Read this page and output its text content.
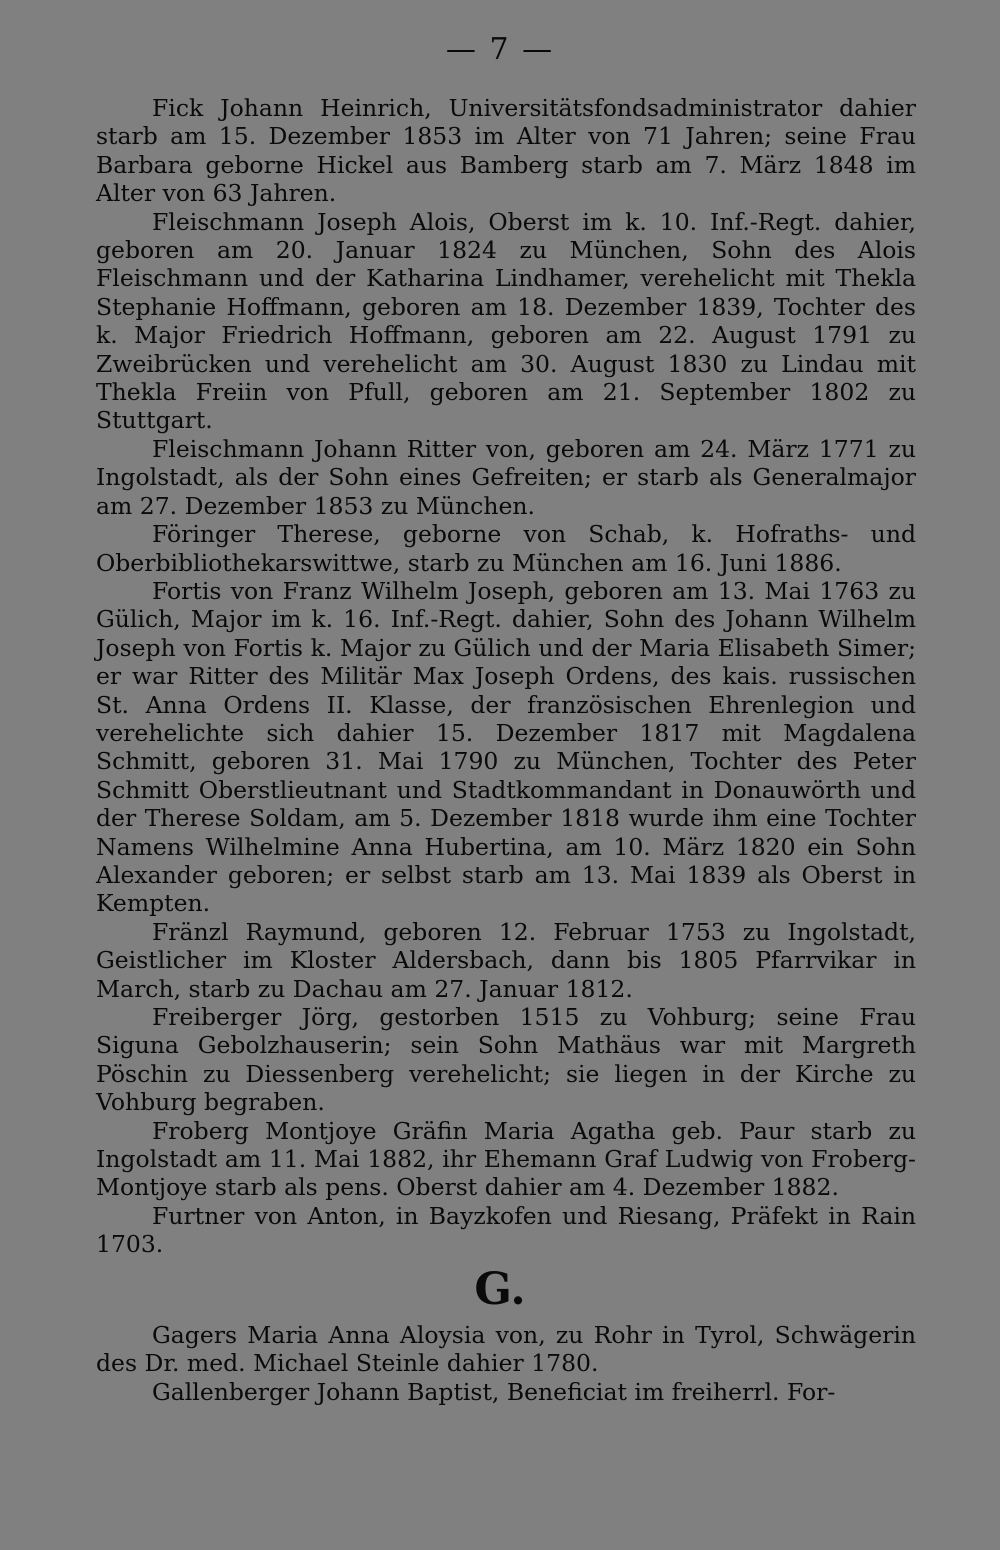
— 7 —

Fick Johann Heinrich, Universitätsfondsadministrator dahier starb am 15. Dezember 1853 im Alter von 71 Jahren; seine Frau Barbara geborne Hickel aus Bamberg starb am 7. März 1848 im Alter von 63 Jahren.

Fleischmann Joseph Alois, Oberst im k. 10. Inf.-Regt. dahier, geboren am 20. Januar 1824 zu München, Sohn des Alois Fleischmann und der Katharina Lindhamer, verehelicht mit Thekla Stephanie Hoffmann, geboren am 18. Dezember 1839, Tochter des k. Major Friedrich Hoffmann, geboren am 22. August 1791 zu Zweibrücken und verehelicht am 30. August 1830 zu Lindau mit Thekla Freiin von Pfull, geboren am 21. September 1802 zu Stuttgart.

Fleischmann Johann Ritter von, geboren am 24. März 1771 zu Ingolstadt, als der Sohn eines Gefreiten; er starb als Generalmajor am 27. Dezember 1853 zu München.

Föringer Therese, geborne von Schab, k. Hofraths- und Oberbibliothekarswittwe, starb zu München am 16. Juni 1886.

Fortis von Franz Wilhelm Joseph, geboren am 13. Mai 1763 zu Gülich, Major im k. 16. Inf.-Regt. dahier, Sohn des Johann Wilhelm Joseph von Fortis k. Major zu Gülich und der Maria Elisabeth Simer; er war Ritter des Militär Max Joseph Ordens, des kais. russischen St. Anna Ordens II. Klasse, der französischen Ehrenlegion und verehelichte sich dahier 15. Dezember 1817 mit Magdalena Schmitt, geboren 31. Mai 1790 zu München, Tochter des Peter Schmitt Oberstlieutnant und Stadtkommandant in Donauwörth und der Therese Soldam, am 5. Dezember 1818 wurde ihm eine Tochter Namens Wilhelmine Anna Hubertina, am 10. März 1820 ein Sohn Alexander geboren; er selbst starb am 13. Mai 1839 als Oberst in Kempten.

Fränzl Raymund, geboren 12. Februar 1753 zu Ingolstadt, Geistlicher im Kloster Aldersbach, dann bis 1805 Pfarrvikar in March, starb zu Dachau am 27. Januar 1812.

Freiberger Jörg, gestorben 1515 zu Vohburg; seine Frau Siguna Gebolzhauserin; sein Sohn Mathäus war mit Margreth Pöschin zu Diessenberg verehelicht; sie liegen in der Kirche zu Vohburg begraben.

Froberg Montjoye Gräfin Maria Agatha geb. Paur starb zu Ingolstadt am 11. Mai 1882, ihr Ehemann Graf Ludwig von Froberg-Montjoye starb als pens. Oberst dahier am 4. Dezember 1882.

Furtner von Anton, in Bayzkofen und Riesang, Präfekt in Rain 1703.

G.

Gagers Maria Anna Aloysia von, zu Rohr in Tyrol, Schwägerin des Dr. med. Michael Steinle dahier 1780.

Gallenberger Johann Baptist, Beneficiat im freiherrl. For-
